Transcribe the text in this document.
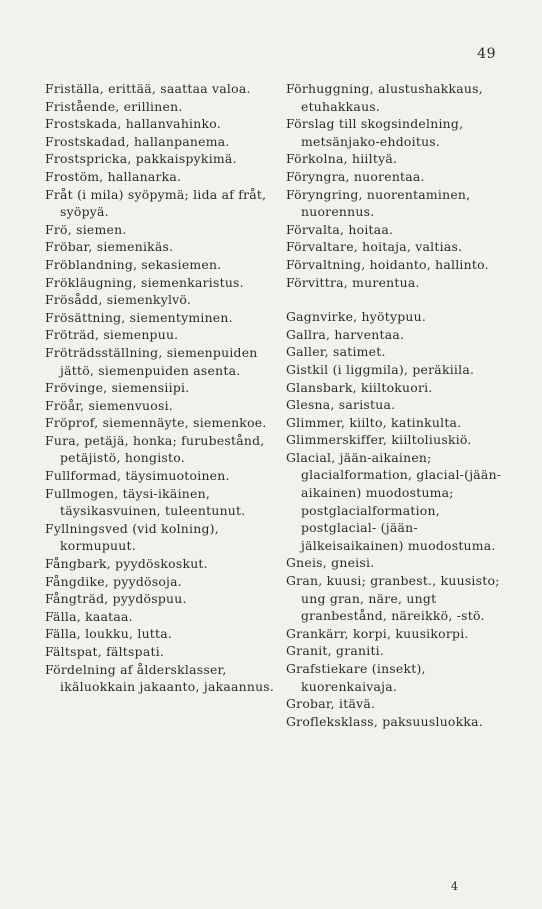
49

Friställa, erittää, saattaa valoa.

Fristående, erillinen.

Frostskada, hallanvahinko.

Frostskadad, hallanpanema.

Frostspricka, pakkaispykimä.

Frostöm, hallanarka.

Fråt (i mila) syöpymä; lida af fråt, syöpyä.

Frö, siemen.

Fröbar, siemenikäs.

Fröblandning, sekasiemen.

Frökläugning, siemenkaristus.

Frösådd, siemenkylvö.

Frösättning, siementyminen.

Fröträd, siemenpuu.

Fröträdsställning, siemenpuiden jättö, siemenpuiden asenta.

Frövinge, siemensiipi.

Fröår, siemenvuosi.

Fröprof, siemennäyte, siemenkoe.

Fura, petäjä, honka; furubestånd, petäjistö, hongisto.

Fullformad, täysimuotoinen.

Fullmogen, täysi-ikäinen, täysikasvuinen, tuleentunut.

Fyllningsved (vid kolning), kormupuut.

Fångbark, pyydöskoskut.

Fångdike, pyydösoja.

Fångträd, pyydöspuu.

Fälla, kaataa.

Fälla, loukku, lutta.

Fältspat, fältspati.

Fördelning af åldersklasser, ikäluokkain jakaanto, jakaannus.

Förhuggning, alustushakkaus, etuhakkaus.

Förslag till skogsindelning, metsänjako-ehdoitus.

Förkolna, hiiltyä.

Föryngra, nuorentaa.

Föryngring, nuorentaminen, nuorennus.

Förvalta, hoitaa.

Förvaltare, hoitaja, valtias.

Förvaltning, hoidanto, hallinto.

Förvittra, murentua.

Gagnvirke, hyötypuu.

Gallra, harventaa.

Galler, satimet.

Gistkil (i liggmila), peräkiila.

Glansbark, kiiltokuori.

Glesna, saristua.

Glimmer, kiilto, katinkulta.

Glimmerskiffer, kiiltoliuskiö.

Glacial, jään-aikainen; glacialformation, glacial-(jään-aikainen) muodostuma; postglacialformation, postglacial- (jään-jälkeisaikainen) muodostuma.

Gneis, gneisi.

Gran, kuusi; granbest., kuusisto; ung gran, näre, ungt granbestånd, näreikkö, -stö.

Grankärr, korpi, kuusikorpi.

Granit, graniti.

Grafstiekare (insekt), kuorenkaivaja.

Grobar, itävä.

Grofleksklass, paksuusluokka.

4
